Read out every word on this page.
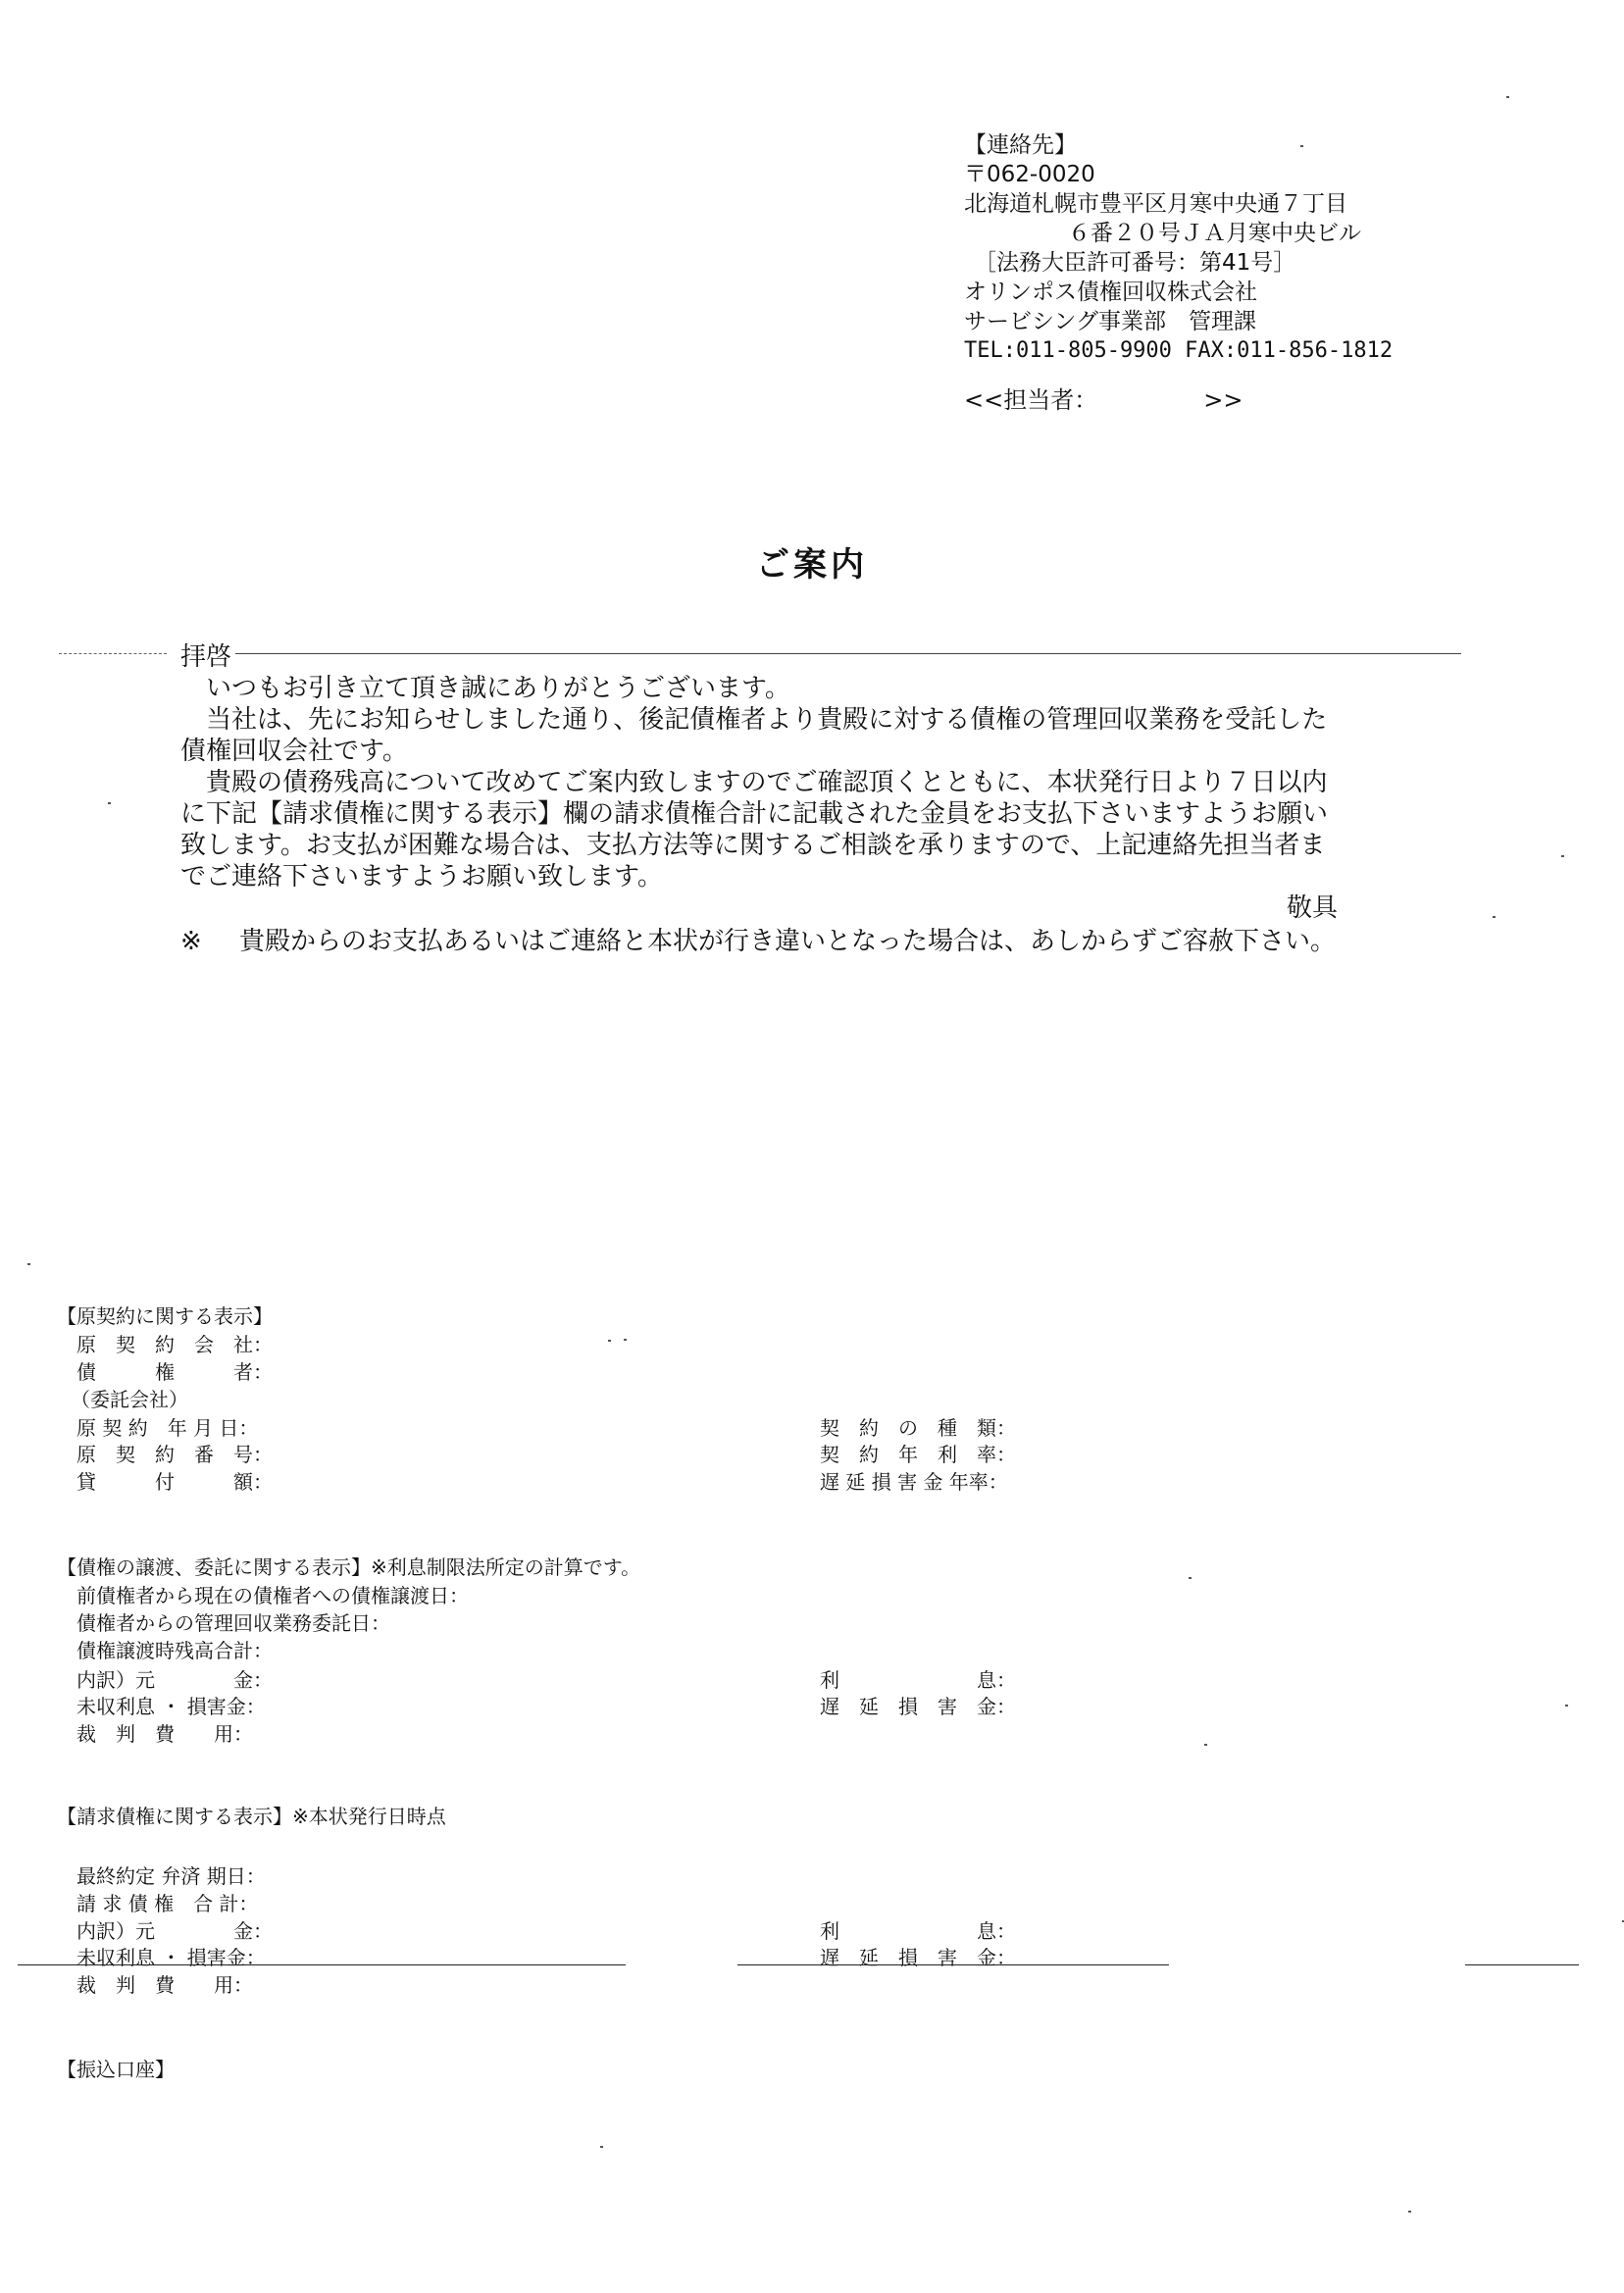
【連絡先】
〒062-0020
北海道札幌市豊平区月寒中央通７丁目
６番２０号ＪＡ月寒中央ビル
［法務大臣許可番号：第41号］
オリンポス債権回収株式会社
サービシング事業部　管理課
TEL:011-805-9900 FAX:011-856-1812
<<担当者：　　　　　>>
ご案内

拝啓

いつもお引き立て頂き誠にありがとうございます。

当社は、先にお知らせしました通り、後記債権者より貴殿に対する債権の管理回収業務を受託した債権回収会社です。

貴殿の債務残高について改めてご案内致しますのでご確認頂くとともに、本状発行日より７日以内に下記【請求債権に関する表示】欄の請求債権合計に記載された金員をお支払下さいますようお願い致します。お支払が困難な場合は、支払方法等に関するご相談を承りますので、上記連絡先担当者までご連絡下さいますようお願い致します。

敬具

※	貴殿からのお支払あるいはご連絡と本状が行き違いとなった場合は、あしからずご容赦下さい。
【原契約に関する表示】
原　契　約　会　社：
債　　　権　　　者：
（委託会社）
原 契 約　年 月 日：
原　契　約　番　号：
貸　　　付　　　額：
契　約　の　種　類：
契　約　年　利　率：
遅 延 損 害 金 年率：
【債権の譲渡、委託に関する表示】※利息制限法所定の計算です。
前債権者から現在の債権者への債権譲渡日：
債権者からの管理回収業務委託日：
債権譲渡時残高合計：
内訳）元　　　　金：
未収利息 ・ 損害金：
裁　判　費　　用：
利　　　　　　　息：
遅　延　損　害　金：
【請求債権に関する表示】※本状発行日時点
最終約定 弁済 期日：
請 求 債 権　合 計：
内訳）元　　　　金：
未収利息 ・ 損害金：
裁　判　費　　用：
利　　　　　　　息：
遅　延　損　害　金：
【振込口座】
